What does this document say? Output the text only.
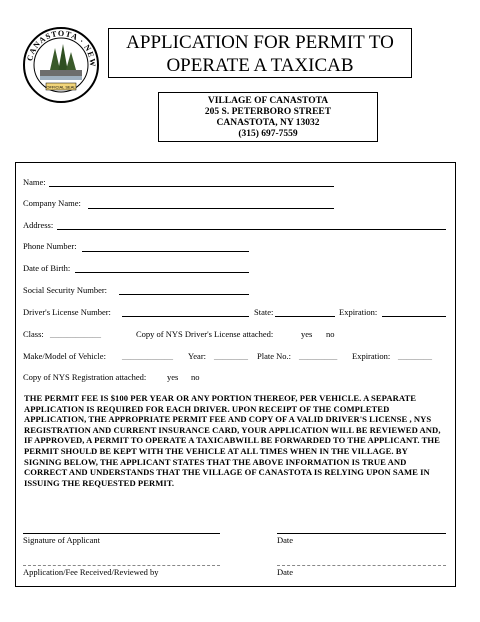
CANASTOTA · NEW
OFFICIAL SEAL
APPLICATION FOR PERMIT TO
OPERATE A TAXICAB
VILLAGE OF CANASTOTA
205 S. PETERBORO STREET
CANASTOTA, NY 13032
(315) 697-7559
Name:
Company Name:
Address:
Phone Number:
Date of Birth:
Social Security Number:
Driver's License Number:	State:	Expiration:
Class: ____________	Copy of NYS Driver's License attached:	yes no
Make/Model of Vehicle: ____________ Year: ________ Plate No.: _________ Expiration: ________
Copy of NYS Registration attached: yes no
THE PERMIT FEE IS $100 PER YEAR OR ANY PORTION THEREOF, PER VEHICLE. A SEPARATE APPLICATION IS REQUIRED FOR EACH DRIVER. UPON RECEIPT OF THE COMPLETED APPLICATION, THE APPROPRIATE PERMIT FEE AND COPY OF A VALID DRIVER'S LICENSE , NYS REGISTRATION AND CURRENT INSURANCE CARD, YOUR APPLICATION WILL BE REVIEWED AND, IF APPROVED, A PERMIT TO OPERATE A TAXICABWILL BE FORWARDED TO THE APPLICANT. THE PERMIT SHOULD BE KEPT WITH THE VEHICLE AT ALL TIMES WHEN IN THE VILLAGE. BY SIGNING BELOW, THE APPLICANT STATES THAT THE ABOVE INFORMATION IS TRUE AND CORRECT AND UNDERSTANDS THAT THE VILLAGE OF CANASTOTA IS RELYING UPON SAME IN ISSUING THE REQUESTED PERMIT.
Signature of Applicant	Date
Application/Fee Received/Reviewed by	Date
